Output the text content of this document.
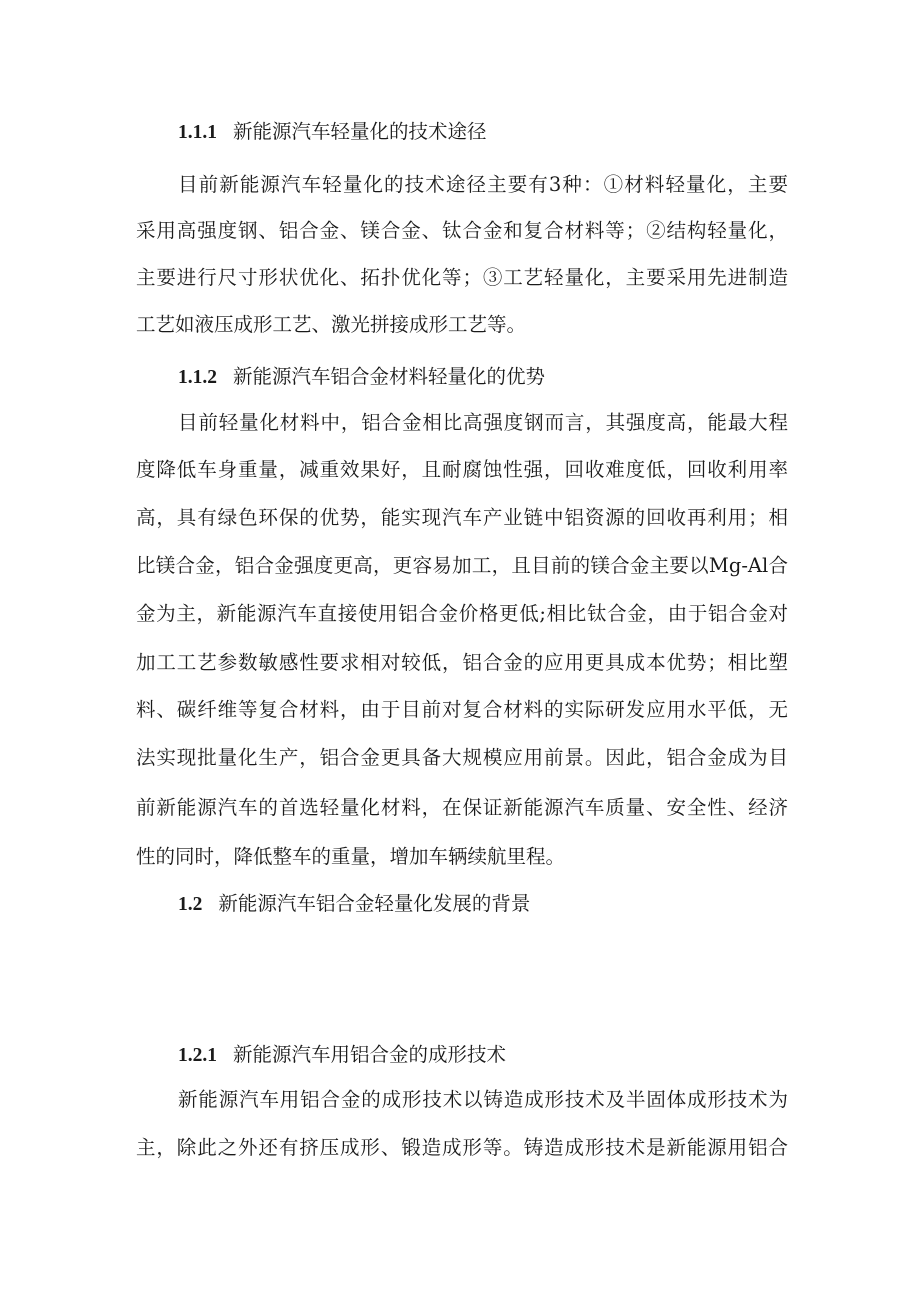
1.1.1 新能源汽车轻量化的技术途径
目前新能源汽车轻量化的技术途径主要有3种：①材料轻量化，主要
采用高强度钢、铝合金、镁合金、钛合金和复合材料等；②结构轻量化，
主要进行尺寸形状优化、拓扑优化等；③工艺轻量化，主要采用先进制造
工艺如液压成形工艺、激光拼接成形工艺等。
1.1.2 新能源汽车铝合金材料轻量化的优势
目前轻量化材料中，铝合金相比高强度钢而言，其强度高，能最大程
度降低车身重量，减重效果好，且耐腐蚀性强，回收难度低，回收利用率
高，具有绿色环保的优势，能实现汽车产业链中铝资源的回收再利用；相
比镁合金，铝合金强度更高，更容易加工，且目前的镁合金主要以Mg-Al合
金为主，新能源汽车直接使用铝合金价格更低;相比钛合金，由于铝合金对
加工工艺参数敏感性要求相对较低，铝合金的应用更具成本优势；相比塑
料、碳纤维等复合材料，由于目前对复合材料的实际研发应用水平低，无
法实现批量化生产，铝合金更具备大规模应用前景。因此，铝合金成为目
前新能源汽车的首选轻量化材料，在保证新能源汽车质量、安全性、经济
性的同时，降低整车的重量，增加车辆续航里程。
1.2 新能源汽车铝合金轻量化发展的背景
1.2.1 新能源汽车用铝合金的成形技术
新能源汽车用铝合金的成形技术以铸造成形技术及半固体成形技术为
主，除此之外还有挤压成形、锻造成形等。铸造成形技术是新能源用铝合
